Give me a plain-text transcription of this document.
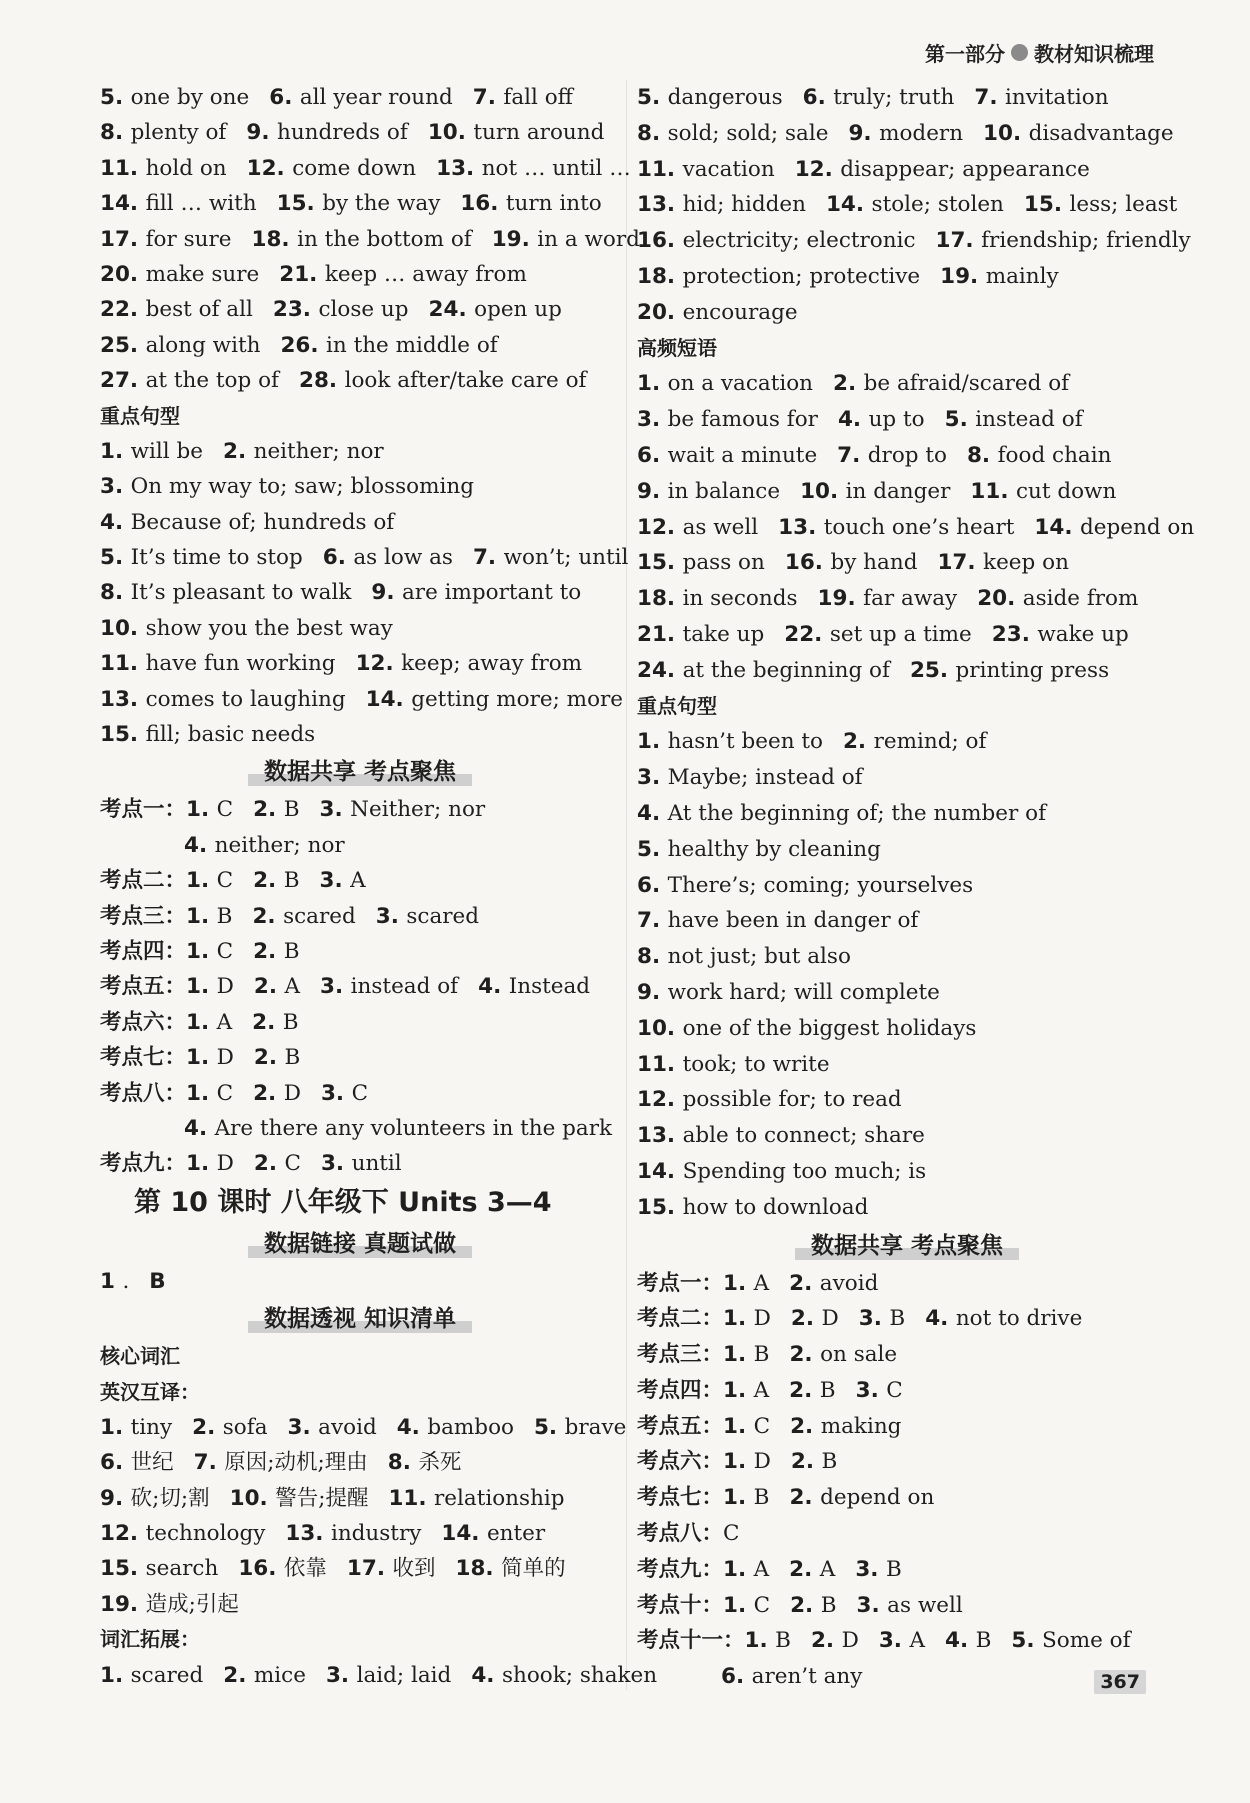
第一部分 教材知识梳理
5. one by one 6. all year round 7. fall off
8. plenty of 9. hundreds of 10. turn around
11. hold on 12. come down 13. not … until …
14. fill … with 15. by the way 16. turn into
17. for sure 18. in the bottom of 19. in a word
20. make sure 21. keep … away from
22. best of all 23. close up 24. open up
25. along with 26. in the middle of
27. at the top of 28. look after/take care of
重点句型
1. will be 2. neither; nor
3. On my way to; saw; blossoming
4. Because of; hundreds of
5. It’s time to stop 6. as low as 7. won’t; until
8. It’s pleasant to walk 9. are important to
10. show you the best way
11. have fun working 12. keep; away from
13. comes to laughing 14. getting more; more
15. fill; basic needs
数据共享 考点聚焦
考点一：1. C 2. B 3. Neither; nor
4. neither; nor
考点二：1. C 2. B 3. A
考点三：1. B 2. scared 3. scared
考点四：1. C 2. B
考点五：1. D 2. A 3. instead of 4. Instead
考点六：1. A 2. B
考点七：1. D 2. B
考点八：1. C 2. D 3. C
4. Are there any volunteers in the park
考点九：1. D 2. C 3. until
第 10 课时 八年级下 Units 3—4
数据链接 真题试做
1 . B
数据透视 知识清单
核心词汇
英汉互译：
1. tiny 2. sofa 3. avoid 4. bamboo 5. brave
6. 世纪 7. 原因;动机;理由 8. 杀死
9. 砍;切;割 10. 警告;提醒 11. relationship
12. technology 13. industry 14. enter
15. search 16. 依靠 17. 收到 18. 简单的
19. 造成;引起
词汇拓展：
1. scared 2. mice 3. laid; laid 4. shook; shaken
5. dangerous 6. truly; truth 7. invitation
8. sold; sold; sale 9. modern 10. disadvantage
11. vacation 12. disappear; appearance
13. hid; hidden 14. stole; stolen 15. less; least
16. electricity; electronic 17. friendship; friendly
18. protection; protective 19. mainly
20. encourage
高频短语
1. on a vacation 2. be afraid/scared of
3. be famous for 4. up to 5. instead of
6. wait a minute 7. drop to 8. food chain
9. in balance 10. in danger 11. cut down
12. as well 13. touch one’s heart 14. depend on
15. pass on 16. by hand 17. keep on
18. in seconds 19. far away 20. aside from
21. take up 22. set up a time 23. wake up
24. at the beginning of 25. printing press
重点句型
1. hasn’t been to 2. remind; of
3. Maybe; instead of
4. At the beginning of; the number of
5. healthy by cleaning
6. There’s; coming; yourselves
7. have been in danger of
8. not just; but also
9. work hard; will complete
10. one of the biggest holidays
11. took; to write
12. possible for; to read
13. able to connect; share
14. Spending too much; is
15. how to download
数据共享 考点聚焦
考点一：1. A 2. avoid
考点二：1. D 2. D 3. B 4. not to drive
考点三：1. B 2. on sale
考点四：1. A 2. B 3. C
考点五：1. C 2. making
考点六：1. D 2. B
考点七：1. B 2. depend on
考点八：C
考点九：1. A 2. A 3. B
考点十：1. C 2. B 3. as well
考点十一：1. B 2. D 3. A 4. B 5. Some of
6. aren’t any	367
